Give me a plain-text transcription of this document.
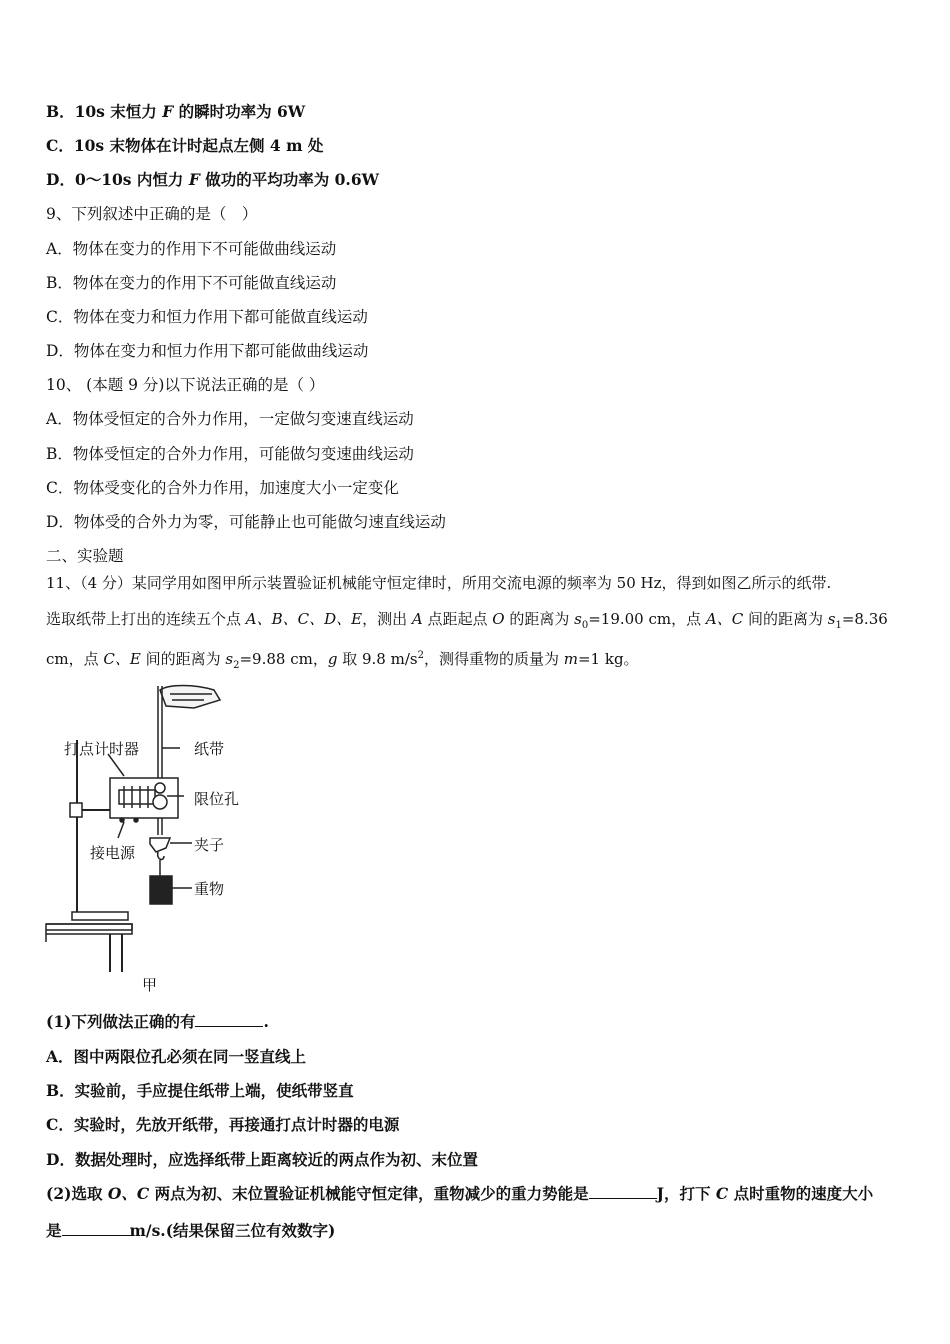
B．10s 末恒力 F 的瞬时功率为 6W
C．10s 末物体在计时起点左侧 4 m 处
D．0～10s 内恒力 F 做功的平均功率为 0.6W
9、下列叙述中正确的是（　）
A．物体在变力的作用下不可能做曲线运动
B．物体在变力的作用下不可能做直线运动
C．物体在变力和恒力作用下都可能做直线运动
D．物体在变力和恒力作用下都可能做曲线运动
10、 (本题 9 分)以下说法正确的是（ ）
A．物体受恒定的合外力作用，一定做匀变速直线运动
B．物体受恒定的合外力作用，可能做匀变速曲线运动
C．物体受变化的合外力作用，加速度大小一定变化
D．物体受的合外力为零，可能静止也可能做匀速直线运动
二、实验题
11、（4 分）某同学用如图甲所示装置验证机械能守恒定律时，所用交流电源的频率为 50 Hz，得到如图乙所示的纸带.
选取纸带上打出的连续五个点 A、B、C、D、E，测出 A 点距起点 O 的距离为 $s_0=19.00$ cm，点 A、C 间的距离为 $s_1=8.36$
cm，点 C、E 间的距离为 $s_2=9.88$ cm，g 取 9.8 $m/s^2$，测得重物的质量为 m=1 kg。
打点计时器	纸带
限位孔
夹子
接电源
重物
甲
(1)下列做法正确的有	.
A．图中两限位孔必须在同一竖直线上
B．实验前，手应提住纸带上端，使纸带竖直
C．实验时，先放开纸带，再接通打点计时器的电源
D．数据处理时，应选择纸带上距离较近的两点作为初、末位置
(2)选取 O、C 两点为初、末位置验证机械能守恒定律，重物减少的重力势能是	J，打下 C 点时重物的速度大小
是	m/s.(结果保留三位有效数字)
